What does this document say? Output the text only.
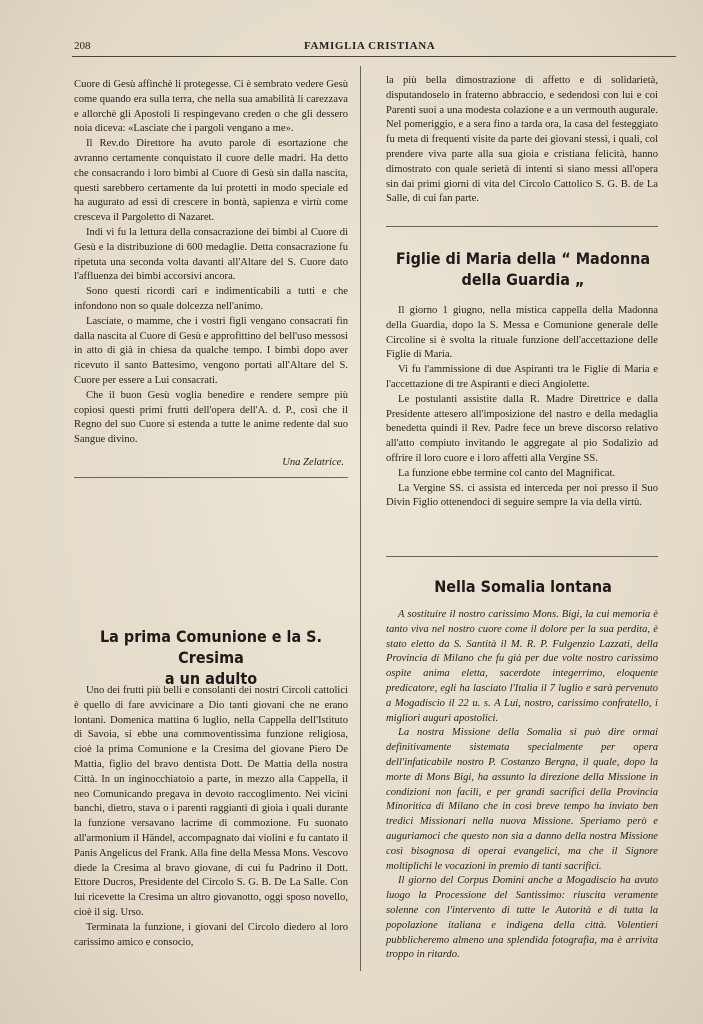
208	FAMIGLIA CRISTIANA

Cuore di Gesù affinchè li protegesse. Ci è sembrato vedere Gesù come quando era sulla terra, che nella sua amabilità li carezzava e allorchè gli Apostoli li respingevano creden o che gli dessero noia diceva: «Lasciate che i pargoli vengano a me».

Il Rev.do Direttore ha avuto parole di esortazione che avranno certamente conquistato il cuore delle madri. Ha detto che consacrando i loro bimbi al Cuore di Gesù sin dalla nascita, questi sarebbero certamente da lui protetti in modo speciale ed ha augurato ad essi di crescere in bontà, sapienza e virtù come cresceva il Pargoletto di Nazaret.

Indi vi fu la lettura della consacrazione dei bimbi al Cuore di Gesù e la distribuzione di 600 medaglie. Detta consacrazione fu ripetuta una seconda volta davanti all'Altare del S. Cuore dato l'affluenza dei bimbi accorsivi ancora.

Sono questi ricordi cari e indimenticabili a tutti e che infondono non so quale dolcezza nell'animo.

Lasciate, o mamme, che i vostri figli vengano consacrati fin dalla nascita al Cuore di Gesù e approfittino del bell'uso messosi in atto di già in chiesa da qualche tempo. I bimbi dopo aver ricevuto il santo Battesimo, vengono portati all'Altare del S. Cuore per essere a Lui consacrati.

Che il buon Gesù voglia benedire e rendere sempre più copiosi questi primi frutti dell'opera dell'A. d. P., così che il Regno del suo Cuore si estenda a tutte le anime redente dal suo Sangue divino.

Una Zelatrice.

La prima Comunione e la S. Cresima

a un adulto

Uno dei frutti più belli e consolanti dei nostri Circoli cattolici è quello di fare avvicinare a Dio tanti giovani che ne erano lontani. Domenica mattina 6 luglio, nella Cappella dell'Istituto di Savoia, si ebbe una commoventissima funzione religiosa, cioè la prima Comunione e la Cresima del giovane Piero De Mattia, figlio del bravo dentista Dott. De Mattia della nostra Città. In un inginocchiatoio a parte, in mezzo alla Cappella, il neo Comunicando pregava in devoto raccoglimento. Nei vicini banchi, dietro, stava o i parenti raggianti di gioia i quali durante la funzione versavano lacrime di commozione. Fu suonato all'armonium il Händel, accompagnato dai violini e fu cantato il Panis Angelicus del Frank. Alla fine della Messa Mons. Vescovo diede la Cresima al bravo giovane, di cui fu Padrino il Dott. Ettore Ducros, Presidente del Circolo S. G. B. De La Salle. Con lui ricevette la Cresima un altro giovanotto, oggi sposo novello, cioè il sig. Urso.

Terminata la funzione, i giovani del Circolo diedero al loro carissimo amico e consocio,

la più bella dimostrazione di affetto e di solidarietà, disputandoselo in fraterno abbraccio, e sedendosi con lui e coi Parenti suoi a una modesta colazione e a un vermouth augurale. Nel pomeriggio, e a sera fino a tarda ora, la casa del festeggiato fu meta di frequenti visite da parte dei giovani stessi, i quali, col prendere viva parte alla sua gioia e cristiana felicità, hanno dimostrato con quale serietà di intenti si siano messi all'opera sin dai primi giorni di vita del Circolo Cattolico S. G. B. de La Salle, di cui fan parte.

Figlie di Maria della “ Madonna

della Guardia „

Il giorno 1 giugno, nella mistica cappella della Madonna della Guardia, dopo la S. Messa e Comunione generale delle Circoline si è svolta la rituale funzione dell'accettazione delle Figlie di Maria.

Vi fu l'ammissione di due Aspiranti tra le Figlie di Maria e l'accettazione di tre Aspiranti e dieci Angiolette.

Le postulanti assistite dalla R. Madre Direttrice e dalla Presidente attesero all'imposizione del nastro e della medaglia benedetta quindi il Rev. Padre fece un breve discorso relativo all'atto compiuto invitando le aggregate al pio Sodalizio ad offrire il loro cuore e i loro affetti alla Vergine SS.

La funzione ebbe termine col canto del Magnificat.

La Vergine SS. ci assista ed interceda per noi presso il Suo Divin Figlio ottenendoci di seguire sempre la via della virtù.

Nella Somalia lontana

A sostituire il nostro carissimo Mons. Bigi, la cui memoria è tanto viva nel nostro cuore come il dolore per la sua perdita, è stato eletto da S. Santità il M. R. P. Fulgenzio Lazzati, della Provincia di Milano che fu già per due volte nostro carissimo ospite anima eletta, sacerdote integerrimo, eloquente predicatore, egli ha lasciato l'Italia il 7 luglio e sarà pervenuto a Mogadiscio il 22 u. s. A Lui, nostro, carissimo confratello, i migliori auguri apostolici.

La nostra Missione della Somalia si può dire ormai definitivamente sistemata specialmente per opera dell'infaticabile nostro P. Costanzo Bergna, il quale, dopo la morte di Mons Bigi, ha assunto la direzione della Missione in condizioni non facili, e per grandi sacrifici della Provincia Minoritica di Milano che in così breve tempo ha inviato ben tredici Missionari nella nuova Missione. Speriamo però e auguriamoci che questo non sia a danno della nostra Missione così bisognosa di operai evangelici, ma che il Signore moltiplichi le vocazioni in premio di tanti sacrifici.

Il giorno del Corpus Domini anche a Mogadiscio ha avuto luogo la Processione del Santissimo: riuscita veramente solenne con l'intervento di tutte le Autorità e di tutta la popolazione italiana e indigena della città. Volentieri pubblicheremo almeno una splendida fotografia, ma è arrivita troppo in ritardo.
